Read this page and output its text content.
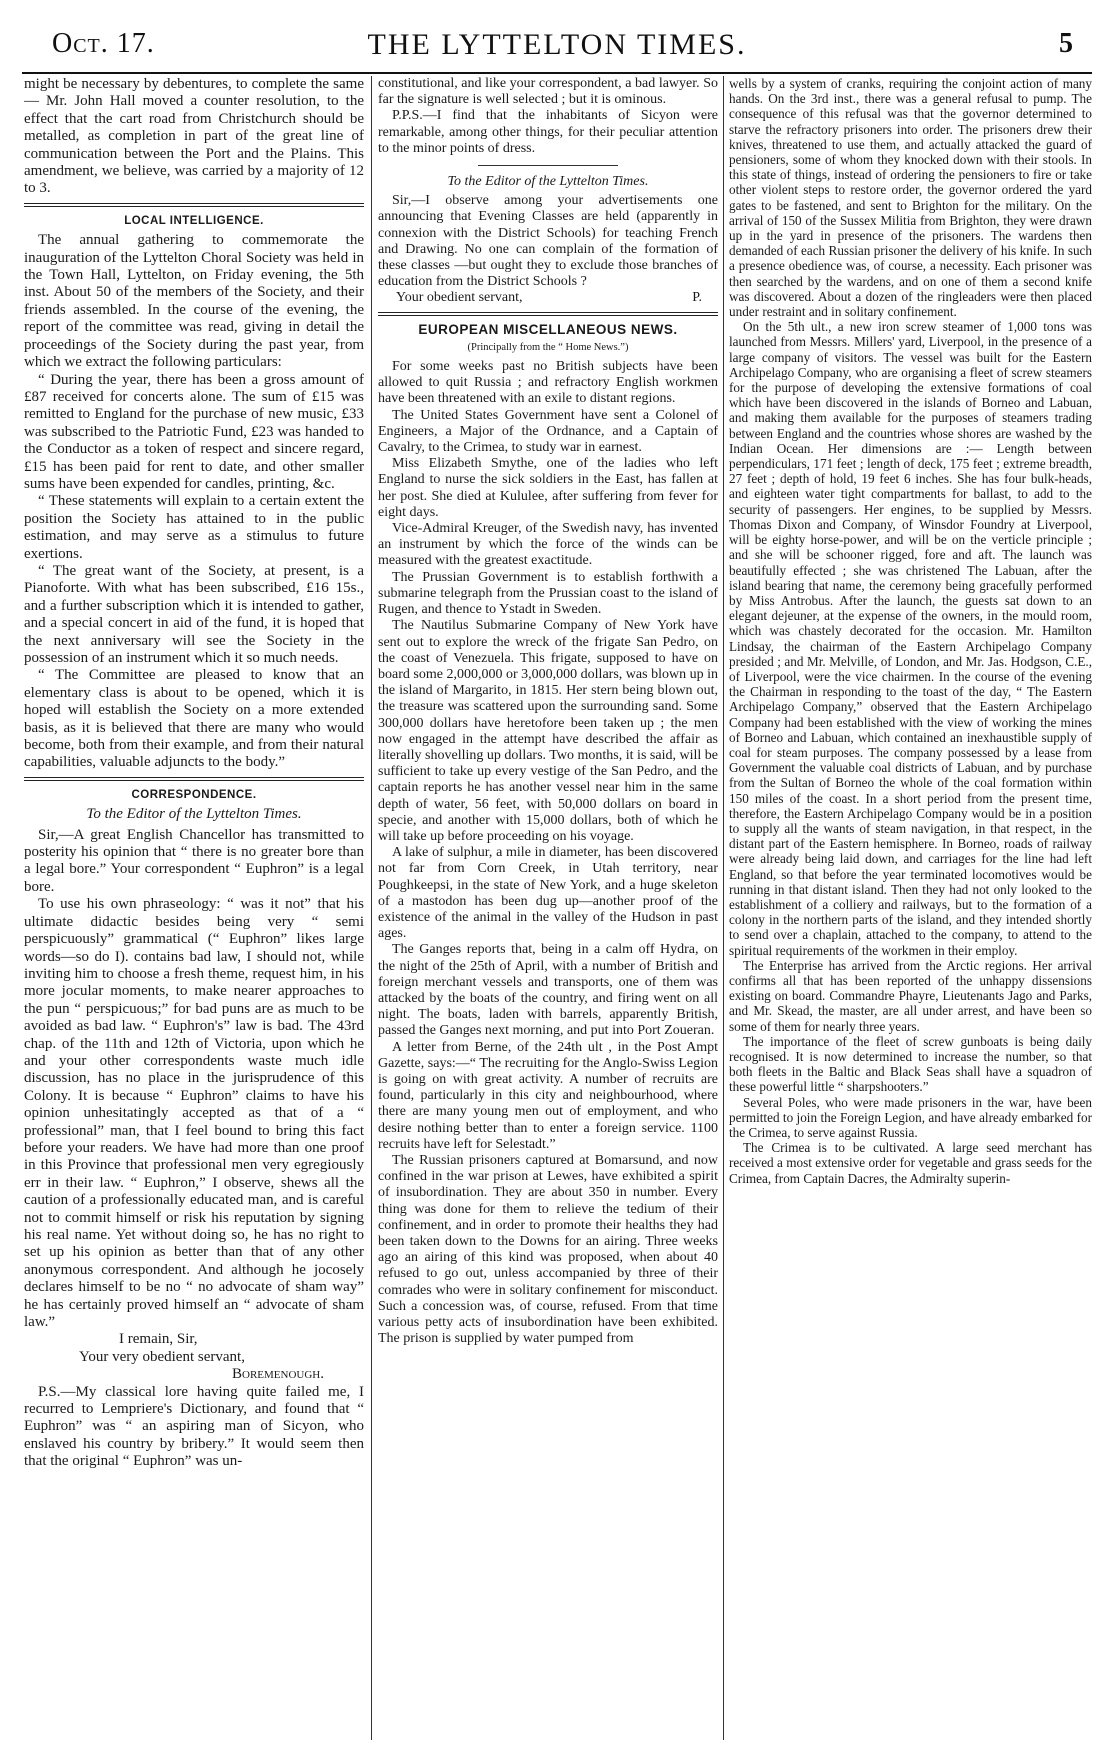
Oct. 17.	THE LYTTELTON TIMES.	5

might be necessary by debentures, to complete the same — Mr. John Hall moved a counter resolution, to the effect that the cart road from Christchurch should be metalled, as completion in part of the great line of communication between the Port and the Plains. This amendment, we believe, was carried by a majority of 12 to 3.

LOCAL INTELLIGENCE.

The annual gathering to commemorate the inauguration of the Lyttelton Choral Society was held in the Town Hall, Lyttelton, on Friday evening, the 5th inst. About 50 of the members of the Society, and their friends assembled. In the course of the evening, the report of the committee was read, giving in detail the proceedings of the Society during the past year, from which we extract the following particulars:

“ During the year, there has been a gross amount of £87 received for concerts alone. The sum of £15 was remitted to England for the purchase of new music, £33 was subscribed to the Patriotic Fund, £23 was handed to the Conductor as a token of respect and sincere regard, £15 has been paid for rent to date, and other smaller sums have been expended for candles, printing, &c.

“ These statements will explain to a certain extent the position the Society has attained to in the public estimation, and may serve as a stimulus to future exertions.

“ The great want of the Society, at present, is a Pianoforte. With what has been subscribed, £16 15s., and a further subscription which it is intended to gather, and a special concert in aid of the fund, it is hoped that the next anniversary will see the Society in the possession of an instrument which it so much needs.

“ The Committee are pleased to know that an elementary class is about to be opened, which it is hoped will establish the Society on a more extended basis, as it is believed that there are many who would become, both from their example, and from their natural capabilities, valuable adjuncts to the body.”

CORRESPONDENCE.
To the Editor of the Lyttelton Times.

Sir,—A great English Chancellor has transmitted to posterity his opinion that “ there is no greater bore than a legal bore.” Your correspondent “ Euphron” is a legal bore.

To use his own phraseology: “ was it not” that his ultimate didactic besides being very “ semi perspicuously” grammatical (“ Euphron” likes large words—so do I). contains bad law, I should not, while inviting him to choose a fresh theme, request him, in his more jocular moments, to make nearer approaches to the pun “ perspicuous;” for bad puns are as much to be avoided as bad law. “ Euphron's” law is bad. The 43rd chap. of the 11th and 12th of Victoria, upon which he and your other correspondents waste much idle discussion, has no place in the jurisprudence of this Colony. It is because “ Euphron” claims to have his opinion unhesitatingly accepted as that of a “ professional” man, that I feel bound to bring this fact before your readers. We have had more than one proof in this Province that professional men very egregiously err in their law. “ Euphron,” I observe, shews all the caution of a professionally educated man, and is careful not to commit himself or risk his reputation by signing his real name. Yet without doing so, he has no right to set up his opinion as better than that of any other anonymous correspondent. And although he jocosely declares himself to be no “ no advocate of sham way” he has certainly proved himself an “ advocate of sham law.”

I remain, Sir,

Your very obedient servant,

Boremenough.

P.S.—My classical lore having quite failed me, I recurred to Lempriere's Dictionary, and found that “ Euphron” was “ an aspiring man of Sicyon, who enslaved his country by bribery.” It would seem then that the original “ Euphron” was un-

constitutional, and like your correspondent, a bad lawyer. So far the signature is well selected ; but it is ominous.

P.P.S.—I find that the inhabitants of Sicyon were remarkable, among other things, for their peculiar attention to the minor points of dress.

To the Editor of the Lyttelton Times.

Sir,—I observe among your advertisements one announcing that Evening Classes are held (apparently in connexion with the District Schools) for teaching French and Drawing. No one can complain of the formation of these classes —but ought they to exclude those branches of education from the District Schools ?

Your obedient servant,	P.
EUROPEAN MISCELLANEOUS NEWS.
(Principally from the “ Home News.”)

For some weeks past no British subjects have been allowed to quit Russia ; and refractory English workmen have been threatened with an exile to distant regions.

The United States Government have sent a Colonel of Engineers, a Major of the Ordnance, and a Captain of Cavalry, to the Crimea, to study war in earnest.

Miss Elizabeth Smythe, one of the ladies who left England to nurse the sick soldiers in the East, has fallen at her post. She died at Kululee, after suffering from fever for eight days.

Vice-Admiral Kreuger, of the Swedish navy, has invented an instrument by which the force of the winds can be measured with the greatest exactitude.

The Prussian Government is to establish forthwith a submarine telegraph from the Prussian coast to the island of Rugen, and thence to Ystadt in Sweden.

The Nautilus Submarine Company of New York have sent out to explore the wreck of the frigate San Pedro, on the coast of Venezuela. This frigate, supposed to have on board some 2,000,000 or 3,000,000 dollars, was blown up in the island of Margarito, in 1815. Her stern being blown out, the treasure was scattered upon the surrounding sand. Some 300,000 dollars have heretofore been taken up ; the men now engaged in the attempt have described the affair as literally shovelling up dollars. Two months, it is said, will be sufficient to take up every vestige of the San Pedro, and the captain reports he has another vessel near him in the same depth of water, 56 feet, with 50,000 dollars on board in specie, and another with 15,000 dollars, both of which he will take up before proceeding on his voyage.

A lake of sulphur, a mile in diameter, has been discovered not far from Corn Creek, in Utah territory, near Poughkeepsi, in the state of New York, and a huge skeleton of a mastodon has been dug up—another proof of the existence of the animal in the valley of the Hudson in past ages.

The Ganges reports that, being in a calm off Hydra, on the night of the 25th of April, with a number of British and foreign merchant vessels and transports, one of them was attacked by the boats of the country, and firing went on all night. The boats, laden with barrels, apparently British, passed the Ganges next morning, and put into Port Zoueran.

A letter from Berne, of the 24th ult , in the Post Ampt Gazette, says:—“ The recruiting for the Anglo-Swiss Legion is going on with great activity. A number of recruits are found, particularly in this city and neighbourhood, where there are many young men out of employment, and who desire nothing better than to enter a foreign service. 1100 recruits have left for Selestadt.”

The Russian prisoners captured at Bomarsund, and now confined in the war prison at Lewes, have exhibited a spirit of insubordination. They are about 350 in number. Every thing was done for them to relieve the tedium of their confinement, and in order to promote their healths they had been taken down to the Downs for an airing. Three weeks ago an airing of this kind was proposed, when about 40 refused to go out, unless accompanied by three of their comrades who were in solitary confinement for misconduct. Such a concession was, of course, refused. From that time various petty acts of insubordination have been exhibited. The prison is supplied by water pumped from

wells by a system of cranks, requiring the conjoint action of many hands. On the 3rd inst., there was a general refusal to pump. The consequence of this refusal was that the governor determined to starve the refractory prisoners into order. The prisoners drew their knives, threatened to use them, and actually attacked the guard of pensioners, some of whom they knocked down with their stools. In this state of things, instead of ordering the pensioners to fire or take other violent steps to restore order, the governor ordered the yard gates to be fastened, and sent to Brighton for the military. On the arrival of 150 of the Sussex Militia from Brighton, they were drawn up in the yard in presence of the prisoners. The wardens then demanded of each Russian prisoner the delivery of his knife. In such a presence obedience was, of course, a necessity. Each prisoner was then searched by the wardens, and on one of them a second knife was discovered. About a dozen of the ringleaders were then placed under restraint and in solitary confinement.

On the 5th ult., a new iron screw steamer of 1,000 tons was launched from Messrs. Millers' yard, Liverpool, in the presence of a large company of visitors. The vessel was built for the Eastern Archipelago Company, who are organising a fleet of screw steamers for the purpose of developing the extensive formations of coal which have been discovered in the islands of Borneo and Labuan, and making them available for the purposes of steamers trading between England and the countries whose shores are washed by the Indian Ocean. Her dimensions are :— Length between perpendiculars, 171 feet ; length of deck, 175 feet ; extreme breadth, 27 feet ; depth of hold, 19 feet 6 inches. She has four bulk-heads, and eighteen water tight compartments for ballast, to add to the security of passengers. Her engines, to be supplied by Messrs. Thomas Dixon and Company, of Winsdor Foundry at Liverpool, will be eighty horse-power, and will be on the verticle principle ; and she will be schooner rigged, fore and aft. The launch was beautifully effected ; she was christened The Labuan, after the island bearing that name, the ceremony being gracefully performed by Miss Antrobus. After the launch, the guests sat down to an elegant dejeuner, at the expense of the owners, in the mould room, which was chastely decorated for the occasion. Mr. Hamilton Lindsay, the chairman of the Eastern Archipelago Company presided ; and Mr. Melville, of London, and Mr. Jas. Hodgson, C.E., of Liverpool, were the vice chairmen. In the course of the evening the Chairman in responding to the toast of the day, “ The Eastern Archipelago Company,” observed that the Eastern Archipelago Company had been established with the view of working the mines of Borneo and Labuan, which contained an inexhaustible supply of coal for steam purposes. The company possessed by a lease from Government the valuable coal districts of Labuan, and by purchase from the Sultan of Borneo the whole of the coal formation within 150 miles of the coast. In a short period from the present time, therefore, the Eastern Archipelago Company would be in a position to supply all the wants of steam navigation, in that respect, in the distant part of the Eastern hemisphere. In Borneo, roads of railway were already being laid down, and carriages for the line had left England, so that before the year terminated locomotives would be running in that distant island. Then they had not only looked to the establishment of a colliery and railways, but to the formation of a colony in the northern parts of the island, and they intended shortly to send over a chaplain, attached to the company, to attend to the spiritual requirements of the workmen in their employ.

The Enterprise has arrived from the Arctic regions. Her arrival confirms all that has been reported of the unhappy dissensions existing on board. Commandre Phayre, Lieutenants Jago and Parks, and Mr. Skead, the master, are all under arrest, and have been so some of them for nearly three years.

The importance of the fleet of screw gunboats is being daily recognised. It is now determined to increase the number, so that both fleets in the Baltic and Black Seas shall have a squadron of these powerful little “ sharpshooters.”

Several Poles, who were made prisoners in the war, have been permitted to join the Foreign Legion, and have already embarked for the Crimea, to serve against Russia.

The Crimea is to be cultivated. A large seed merchant has received a most extensive order for vegetable and grass seeds for the Crimea, from Captain Dacres, the Admiralty superin-
